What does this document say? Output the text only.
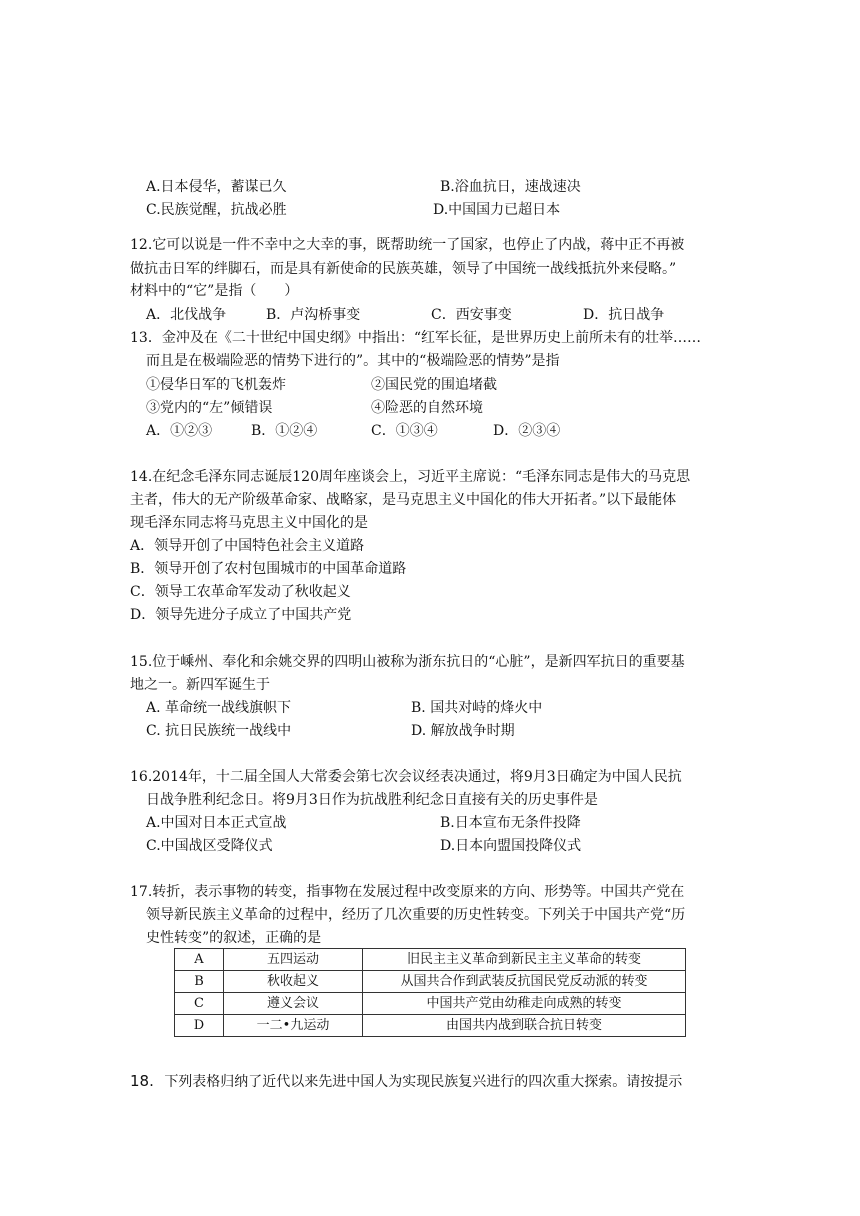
A.日本侵华，蓄谋已久	B.浴血抗日，速战速决
C.民族觉醒，抗战必胜	D.中国国力已超日本
12.它可以说是一件不幸中之大幸的事，既帮助统一了国家，也停止了内战，蒋中正不再被
做抗击日军的绊脚石，而是具有新使命的民族英雄，领导了中国统一战线抵抗外来侵略。”
材料中的“它”是指（　　）
A．北伐战争	B．卢沟桥事变	C．西安事变	D．抗日战争
13．金冲及在《二十世纪中国史纲》中指出：“红军长征，是世界历史上前所未有的壮举……
而且是在极端险恶的情势下进行的”。其中的“极端险恶的情势”是指
①侵华日军的飞机轰炸	②国民党的围追堵截
③党内的“左”倾错误	④险恶的自然环境
A．①②③	B．①②④	C．①③④	D．②③④
14.在纪念毛泽东同志诞辰120周年座谈会上，习近平主席说：“毛泽东同志是伟大的马克思
主者，伟大的无产阶级革命家、战略家，是马克思主义中国化的伟大开拓者。”以下最能体
现毛泽东同志将马克思主义中国化的是
A．领导开创了中国特色社会主义道路
B．领导开创了农村包围城市的中国革命道路
C．领导工农革命军发动了秋收起义
D．领导先进分子成立了中国共产党
15.位于嵊州、奉化和余姚交界的四明山被称为浙东抗日的“心脏”，是新四军抗日的重要基
地之一。新四军诞生于
A. 革命统一战线旗帜下	B. 国共对峙的烽火中
C. 抗日民族统一战线中	D. 解放战争时期
16.2014年，十二届全国人大常委会第七次会议经表决通过，将9月3日确定为中国人民抗
日战争胜利纪念日。将9月3日作为抗战胜利纪念日直接有关的历史事件是
A.中国对日本正式宣战	B.日本宣布无条件投降
C.中国战区受降仪式	D.日本向盟国投降仪式
17.转折，表示事物的转变，指事物在发展过程中改变原来的方向、形势等。中国共产党在
领导新民族主义革命的过程中，经历了几次重要的历史性转变。下列关于中国共产党“历
史性转变”的叙述，正确的是
A	五四运动	旧民主主义革命到新民主主义革命的转变
B	秋收起义	从国共合作到武装反抗国民党反动派的转变
C	遵义会议	中国共产党由幼稚走向成熟的转变
D	一二•九运动	由国共内战到联合抗日转变
18. 下列表格归纳了近代以来先进中国人为实现民族复兴进行的四次重大探索。请按提示
